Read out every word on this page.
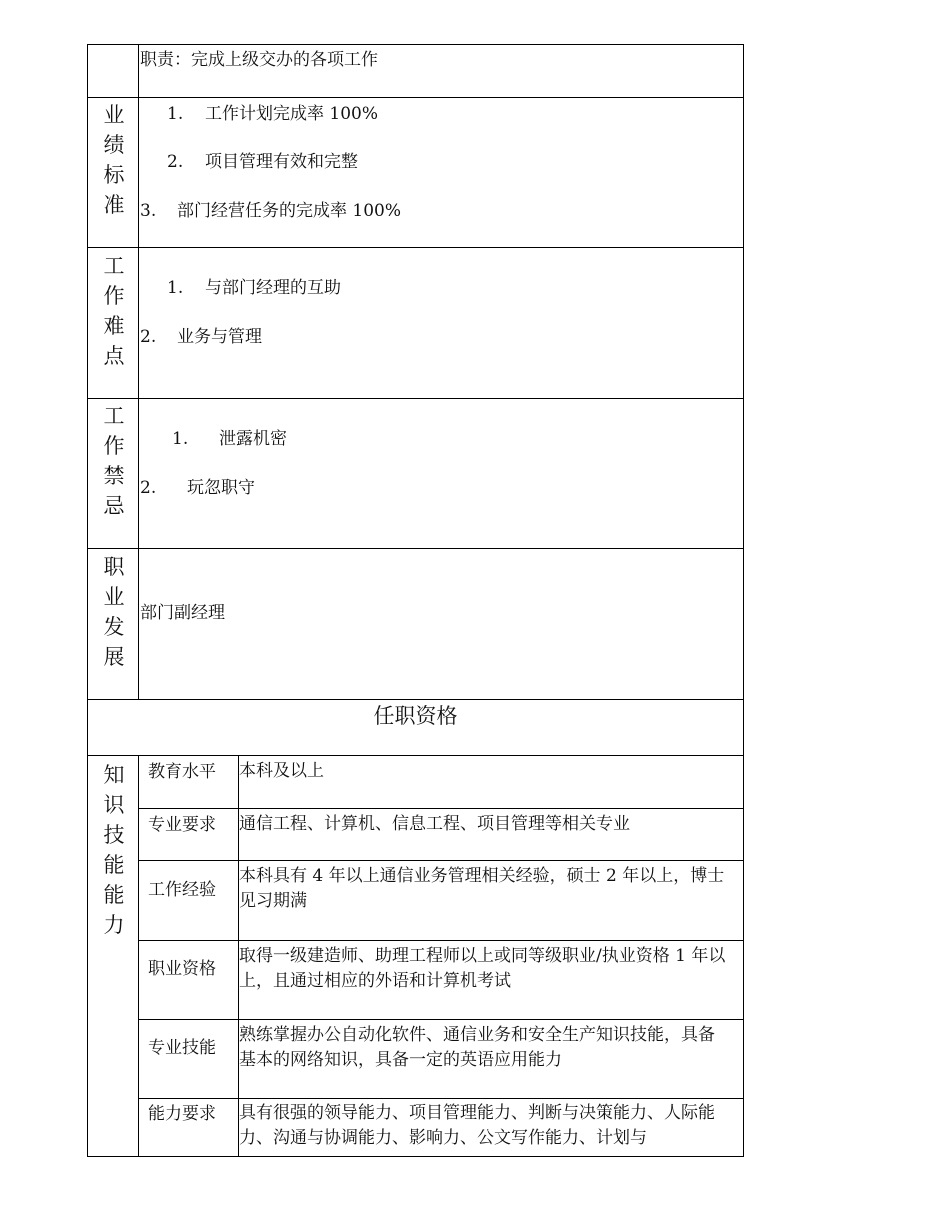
职责：完成上级交办的各项工作
业绩标准
1. 工作计划完成率 100%
2. 项目管理有效和完整
3. 部门经营任务的完成率 100%
工作难点
1. 与部门经理的互助
2. 业务与管理
工作禁忌
1. 泄露机密
2. 玩忽职守
职业发展
部门副经理
任职资格
知识技能能力
教育水平 本科及以上
专业要求 通信工程、计算机、信息工程、项目管理等相关专业
工作经验
本科具有 4 年以上通信业务管理相关经验，硕士 2 年以上，博士见习期满
职业资格
取得一级建造师、助理工程师以上或同等级职业/执业资格 1 年以上，且通过相应的外语和计算机考试
专业技能
熟练掌握办公自动化软件、通信业务和安全生产知识技能，具备基本的网络知识，具备一定的英语应用能力
能力要求 具有很强的领导能力、项目管理能力、判断与决策能力、人际能力、沟通与协调能力、影响力、公文写作能力、计划与
